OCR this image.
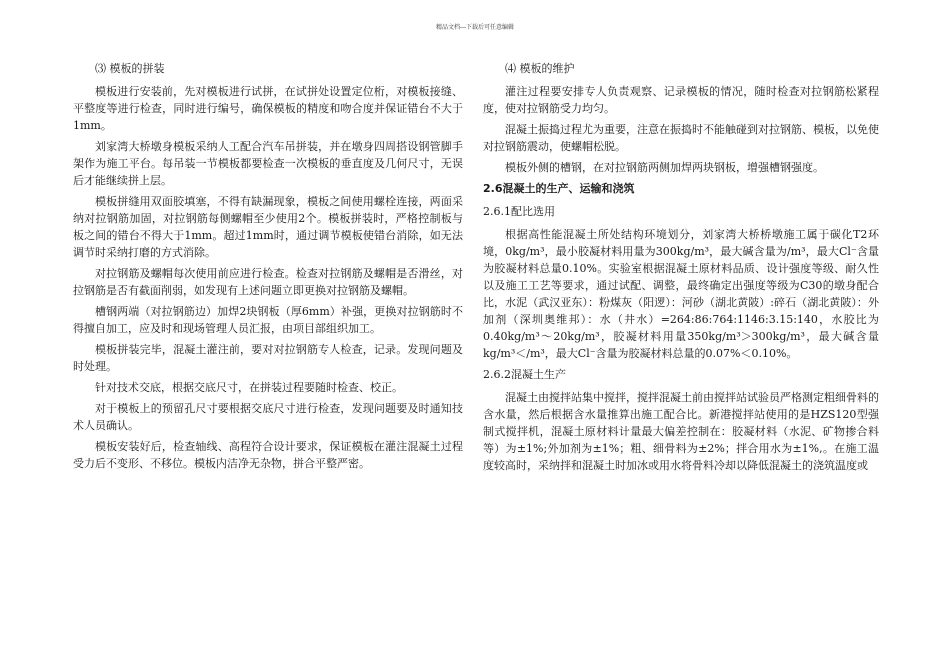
精品文档---下载后可任意编辑
⑶ 模板的拼装

模板进行安装前，先对模板进行试拼，在试拼处设置定位桁，对模板接缝、平整度等进行检查，同时进行编号，确保模板的精度和吻合度并保证错台不大于1mm。

刘家湾大桥墩身模板采纳人工配合汽车吊拼装，并在墩身四周搭设钢管脚手架作为施工平台。每吊装一节模板都要检查一次模板的垂直度及几何尺寸，无误后才能继续拼上层。

模板拼缝用双面胶填塞，不得有缺漏现象，模板之间使用螺栓连接，两面采纳对拉钢筋加固，对拉钢筋每侧螺帽至少使用2个。模板拼装时，严格控制板与板之间的错台不得大于1mm。超过1mm时，通过调节模板使错台消除，如无法调节时采纳打磨的方式消除。

对拉钢筋及螺帽每次使用前应进行检查。检查对拉钢筋及螺帽是否滑丝，对拉钢筋是否有截面削弱，如发现有上述问题立即更换对拉钢筋及螺帽。

槽钢两端（对拉钢筋边）加焊2块钢板（厚6mm）补强，更换对拉钢筋时不得擅自加工，应及时和现场管理人员汇报，由项目部组织加工。

模板拼装完毕，混凝土灌注前，要对对拉钢筋专人检查，记录。发现问题及时处理。

针对技术交底，根据交底尺寸，在拼装过程要随时检查、校正。

对于模板上的预留孔尺寸要根据交底尺寸进行检查，发现问题要及时通知技术人员确认。

模板安装好后，检查轴线、高程符合设计要求，保证模板在灌注混凝土过程受力后不变形、不移位。模板内洁净无杂物，拼合平整严密。

⑷ 模板的维护

灌注过程要安排专人负责观察、记录模板的情况，随时检查对拉钢筋松紧程度，使对拉钢筋受力均匀。

混凝土振捣过程尤为重要，注意在振捣时不能触碰到对拉钢筋、模板，以免使对拉钢筋震动，使螺帽松脱。

模板外侧的槽钢，在对拉钢筋两侧加焊两块钢板，增强槽钢强度。

2.6混凝土的生产、运输和浇筑
2.6.1配比选用

根据高性能混凝土所处结构环境划分，刘家湾大桥桥墩施工属于碳化T2环境，0kg/m³，最小胶凝材料用量为300kg/m³，最大碱含量为/m³，最大Cl⁻含量为胶凝材料总量0.10%。实验室根据混凝土原材料品质、设计强度等级、耐久性以及施工工艺等要求，通过试配、调整，最终确定出强度等级为C30的墩身配合比，水泥（武汉亚东）：粉煤灰（阳逻）：河砂（湖北黄陂）:碎石（湖北黄陂）：外加剂（深圳奥维邦）：水（井水）=264:86:764:1146:3.15:140，水胶比为0.40kg/m³～20kg/m³，胶凝材料用量350kg/m³＞300kg/m³，最大碱含量kg/m³＜/m³，最大Cl⁻含量为胶凝材料总量的0.07%＜0.10%。

2.6.2混凝土生产

混凝土由搅拌站集中搅拌，搅拌混凝土前由搅拌站试验员严格测定粗细骨料的含水量，然后根据含水量推算出施工配合比。新港搅拌站使用的是HZS120型强制式搅拌机，混凝土原材料计量最大偏差控制在：胶凝材料（水泥、矿物掺合料等）为±1%;外加剂为±1%；粗、细骨料为±2%；拌合用水为±1%,。在施工温度较高时，采纳拌和混凝土时加冰或用水将骨料冷却以降低混凝土的浇筑温度或
